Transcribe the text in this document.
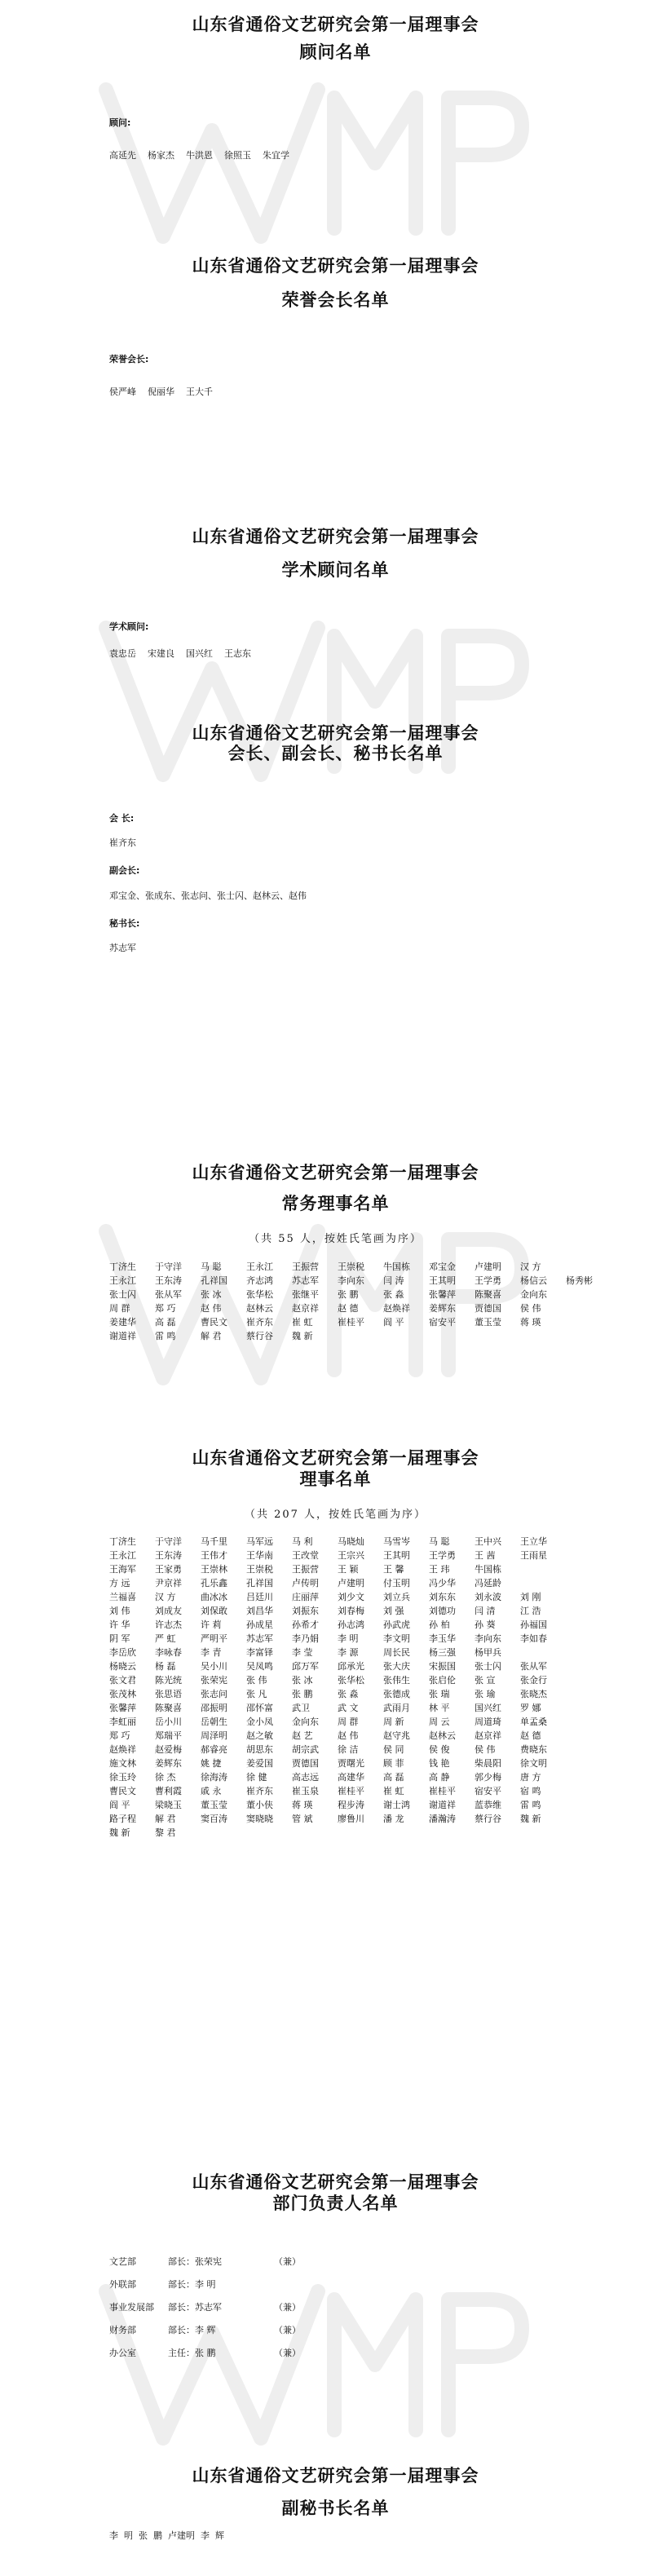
山东省通俗文艺研究会第一届理事会
顾问名单
顾问:
高延先    杨家杰    牛洪恩    徐照玉    朱宜学
山东省通俗文艺研究会第一届理事会
荣誉会长名单
荣誉会长:
侯严峰    倪丽华    王大千
山东省通俗文艺研究会第一届理事会
学术顾问名单
学术顾问:
袁忠岳    宋建良    国兴红    王志东
山东省通俗文艺研究会第一届理事会
会长、副会长、秘书长名单
会 长:
崔齐东
副会长:
邓宝金、张成东、张志问、张士闪、赵林云、赵伟
秘书长:
苏志军
山东省通俗文艺研究会第一届理事会
常务理事名单
（共 55 人，按姓氏笔画为序）
丁济生	于守洋	马 聪	王永江	王振营	王崇税	牛国栋	邓宝金	卢建明	汉 方
王永江	王东涛	孔祥国	齐志鸿	苏志军	李向东	闫 涛	王其明	王学勇	杨信云	杨秀彬
张士闪	张从军	张 冰	张华松	张继平	张 鹏	张 淼	张馨萍	陈聚喜	金向东
周 群	郑 巧	赵 伟	赵林云	赵京祥	赵 德	赵焕祥	姜辉东	贾德国	侯 伟
姜建华	高 磊	曹民文	崔齐东	崔 虹	崔桂平	阎 平	宿安平	董玉莹	蒋 瑛
谢道祥	雷 鸣	解 君	蔡行谷	魏 新
山东省通俗文艺研究会第一届理事会
理事名单
（共 207 人，按姓氏笔画为序）
丁济生	于守洋	马千里	马军远	马 利	马晓灿	马雪岑	马 聪	王中兴	王立华
王永江	王东涛	王伟才	王华南	王改堂	王宗兴	王其明	王学勇	王 茜	王雨星
王海军	王家勇	王崇林	王崇税	王振营	王 颖	王 馨	王 玮	牛国栋
方 远	尹京祥	孔乐鑫	孔祥国	卢传明	卢建明	付玉明	冯少华	冯延龄
兰福喜	汉 方	曲冰冰	吕廷川	庄丽萍	刘少文	刘立兵	刘东东	刘永波	刘 刚
刘 伟	刘成友	刘保敢	刘昌华	刘振东	刘春梅	刘 强	刘德功	闫 清	江 浩
许 华	许志杰	许 莉	孙成星	孙希才	孙志鸿	孙武虎	孙 柏	孙 葵	孙福国
阴 军	严 虹	严明平	苏志军	李乃娟	李 明	李文明	李玉华	李向东	李如春
李岳欣	李咏春	李 青	李富铎	李 莹	李 源	周长民	杨三强	杨甲兵
杨晓云	杨 磊	吴小川	吴凤鸣	邱万军	邱承光	张大庆	宋振国	张士闪	张从军
张文君	陈光统	张荣宪	张 伟	张 冰	张华松	张伟生	张启伦	张 宣	张金行
张茂林	张思语	张志问	张 凡	张 鹏	张 淼	张德成	张 瑞	张 瑜	张晓杰
张馨萍	陈聚喜	邵振明	邵怀富	武卫	武 文	武雨月	林 平	国兴红	罗 娜
李虹丽	岳小川	岳朝生	金小凤	金向东	周 群	周 新	周 云	周道琦	单孟桑
郑 巧	郑瑞平	周泽明	赵之敏	赵 艺	赵 伟	赵守兆	赵林云	赵京祥	赵 德
赵焕祥	赵爱梅	郝睿亮	胡思东	胡宗武	徐 洁	侯 同	侯 俊	侯 伟	费晓东
施文林	姜辉东	姚 捷	姜爱国	贾德国	贾曙光	顾 菲	钱 艳	柴晨阳	徐文明
徐玉玲	徐 杰	徐海涛	徐 健	高志远	高建华	高 磊	高 静	郭少梅	唐 方
曹民文	曹利霞	戚 永	崔齐东	崔玉泉	崔桂平	崔 虹	崔桂平	宿安平	宿 鸣
阎 平	梁晓玉	董玉莹	董小侠	蒋 瑛	程步涛	谢士鸿	谢道祥	蓝恭维	雷 鸣
路子程	解 君	窦百涛	窦晓晓	管 斌	廖鲁川	潘 龙	潘瀚涛	蔡行谷	魏 新
魏 新	黎 君
山东省通俗文艺研究会第一届理事会
部门负责人名单
文艺部	部长：张荣宪	（兼）
外联部	部长：李 明
事业发展部	部长：苏志军	（兼）
财务部	部长：李 辉	（兼）
办公室	主任：张 鹏	（兼）
山东省通俗文艺研究会第一届理事会
副秘书长名单
李  明  张  鹏  卢建明  李  辉
